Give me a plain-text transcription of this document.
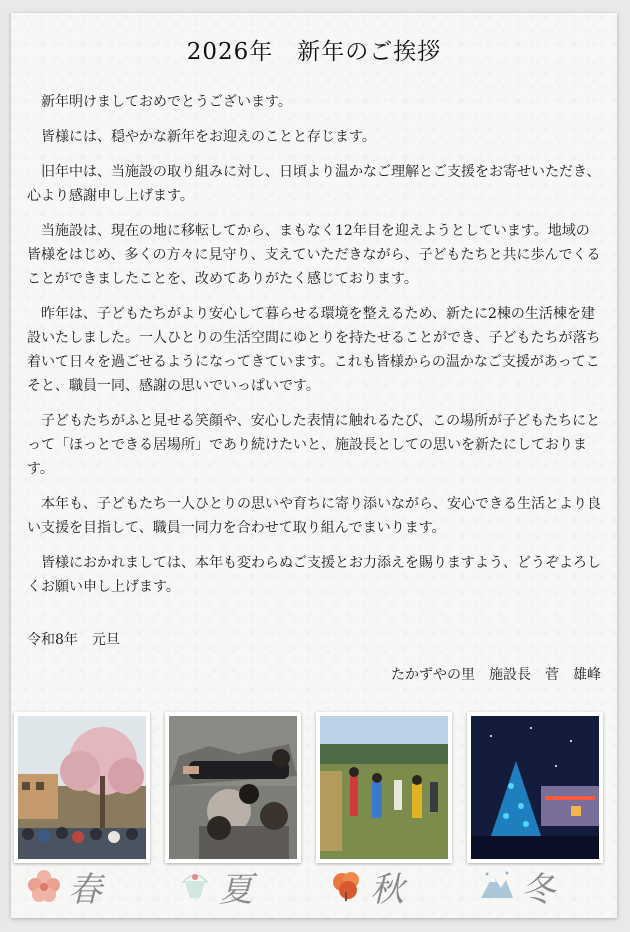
2026年　新年のご挨拶

新年明けましておめでとうございます。

皆様には、穏やかな新年をお迎えのことと存じます。

旧年中は、当施設の取り組みに対し、日頃より温かなご理解とご支援をお寄せいただき、心より感謝申し上げます。

当施設は、現在の地に移転してから、まもなく12年目を迎えようとしています。地域の皆様をはじめ、多くの方々に見守り、支えていただきながら、子どもたちと共に歩んでくることができましたことを、改めてありがたく感じております。

昨年は、子どもたちがより安心して暮らせる環境を整えるため、新たに2棟の生活棟を建設いたしました。一人ひとりの生活空間にゆとりを持たせることができ、子どもたちが落ち着いて日々を過ごせるようになってきています。これも皆様からの温かなご支援があってこそと、職員一同、感謝の思いでいっぱいです。

子どもたちがふと見せる笑顔や、安心した表情に触れるたび、この場所が子どもたちにとって「ほっとできる居場所」であり続けたいと、施設長としての思いを新たにしております。

本年も、子どもたち一人ひとりの思いや育ちに寄り添いながら、安心できる生活とより良い支援を目指して、職員一同力を合わせて取り組んでまいります。

皆様におかれましては、本年も変わらぬご支援とお力添えを賜りますよう、どうぞよろしくお願い申し上げます。

令和8年　元旦
たかずやの里　施設長　菅　雄峰
春	夏	秋	冬
